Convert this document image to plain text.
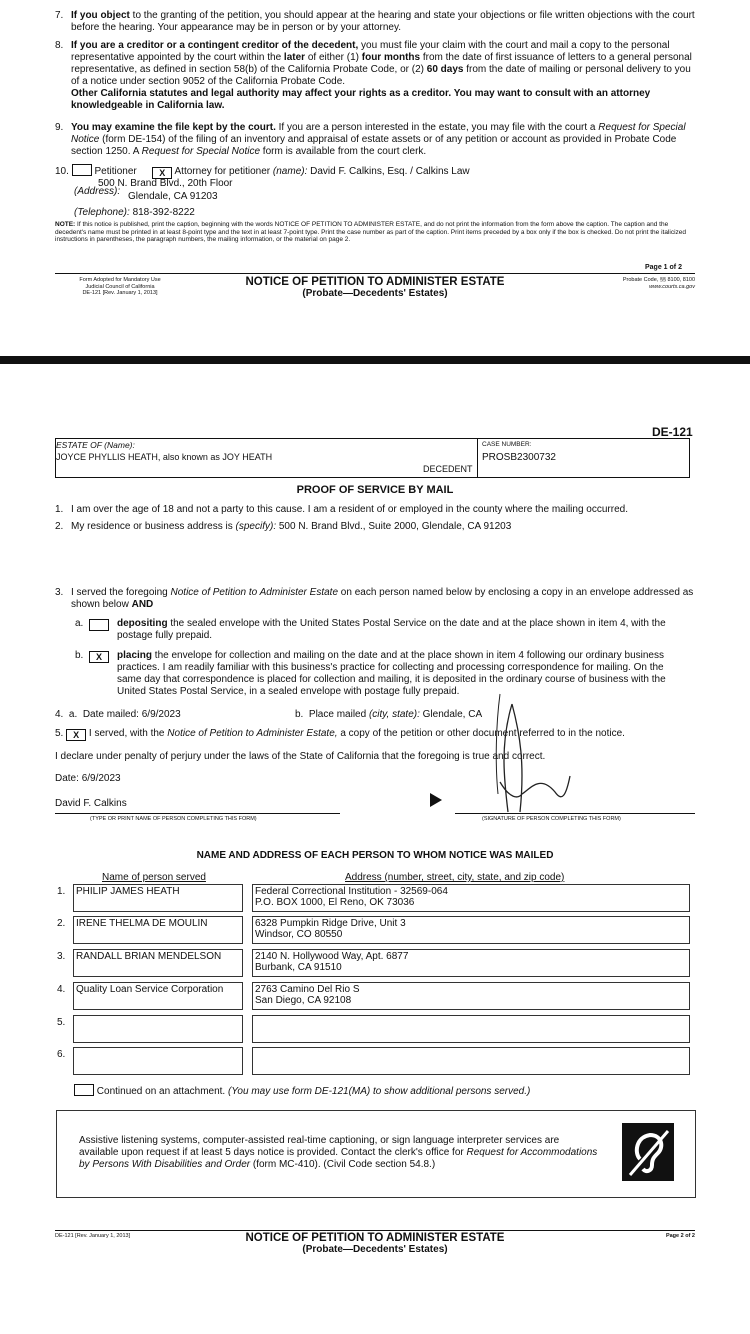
7. If you object to the granting of the petition, you should appear at the hearing and state your objections or file written objections with the court before the hearing. Your appearance may be in person or by your attorney.
8. If you are a creditor or a contingent creditor of the decedent, you must file your claim with the court and mail a copy to the personal representative appointed by the court within the later of either (1) four months from the date of first issuance of letters to a general personal representative, as defined in section 58(b) of the California Probate Code, or (2) 60 days from the date of mailing or personal delivery to you of a notice under section 9052 of the California Probate Code.
Other California statutes and legal authority may affect your rights as a creditor. You may want to consult with an attorney knowledgeable in California law.
9. You may examine the file kept by the court. If you are a person interested in the estate, you may file with the court a Request for Special Notice (form DE-154) of the filing of an inventory and appraisal of estate assets or of any petition or account as provided in Probate Code section 1250. A Request for Special Notice form is available from the court clerk.
10.	Petitioner	X Attorney for petitioner (name): David F. Calkins, Esq. / Calkins Law
500 N. Brand Blvd., 20th Floor
(Address): Glendale, CA 91203
(Telephone): 818-392-8222
NOTE: If this notice is published, print the caption, beginning with the words NOTICE OF PETITION TO ADMINISTER ESTATE, and do not print the information from the form above the caption. The caption and the decedent's name must be printed in at least 8-point type and the text in at least 7-point type. Print the case number as part of the caption. Print items preceded by a box only if the box is checked. Do not print the italicized instructions in parentheses, the paragraph numbers, the mailing information, or the material on page 2.
Page 1 of 2
Form Adopted for Mandatory Use
Judicial Council of California
DE-121 [Rev. January 1, 2013]
NOTICE OF PETITION TO ADMINISTER ESTATE
(Probate—Decedents' Estates)
Probate Code, §§ 8100, 8100
www.courts.ca.gov
DE-121
ESTATE OF (Name):
JOYCE PHYLLIS HEATH, also known as JOY HEATH
DECEDENT
CASE NUMBER:
PROSB2300732
PROOF OF SERVICE BY MAIL
1. I am over the age of 18 and not a party to this cause. I am a resident of or employed in the county where the mailing occurred.
2. My residence or business address is (specify): 500 N. Brand Blvd., Suite 2000, Glendale, CA 91203
3. I served the foregoing Notice of Petition to Administer Estate on each person named below by enclosing a copy in an envelope addressed as shown below AND
a.	depositing the sealed envelope with the United States Postal Service on the date and at the place shown in item 4, with the postage fully prepaid.
b.	X	placing the envelope for collection and mailing on the date and at the place shown in item 4 following our ordinary business practices. I am readily familiar with this business's practice for collecting and processing correspondence for mailing. On the same day that correspondence is placed for collection and mailing, it is deposited in the ordinary course of business with the United States Postal Service, in a sealed envelope with postage fully prepaid.
4. a. Date mailed: 6/9/2023	b. Place mailed (city, state): Glendale, CA
5. X I served, with the Notice of Petition to Administer Estate, a copy of the petition or other document referred to in the notice.
I declare under penalty of perjury under the laws of the State of California that the foregoing is true and correct.
Date: 6/9/2023
David F. Calkins
(TYPE OR PRINT NAME OF PERSON COMPLETING THIS FORM)	(SIGNATURE OF PERSON COMPLETING THIS FORM)
NAME AND ADDRESS OF EACH PERSON TO WHOM NOTICE WAS MAILED
Name of person served	Address (number, street, city, state, and zip code)
1.	PHILIP JAMES HEATH	Federal Correctional Institution - 32569-064
P.O. BOX 1000, El Reno, OK 73036
2.	IRENE THELMA DE MOULIN	6328 Pumpkin Ridge Drive, Unit 3
Windsor, CO 80550
3.	RANDALL BRIAN MENDELSON	2140 N. Hollywood Way, Apt. 6877
Burbank, CA 91510
4.	Quality Loan Service Corporation	2763 Camino Del Rio S
San Diego, CA 92108
5.
6.
Continued on an attachment. (You may use form DE-121(MA) to show additional persons served.)
Assistive listening systems, computer-assisted real-time captioning, or sign language interpreter services are available upon request if at least 5 days notice is provided. Contact the clerk's office for Request for Accommodations by Persons With Disabilities and Order (form MC-410). (Civil Code section 54.8.)
DE-121 [Rev. January 1, 2013]	NOTICE OF PETITION TO ADMINISTER ESTATE
(Probate—Decedents' Estates)
Page 2 of 2
